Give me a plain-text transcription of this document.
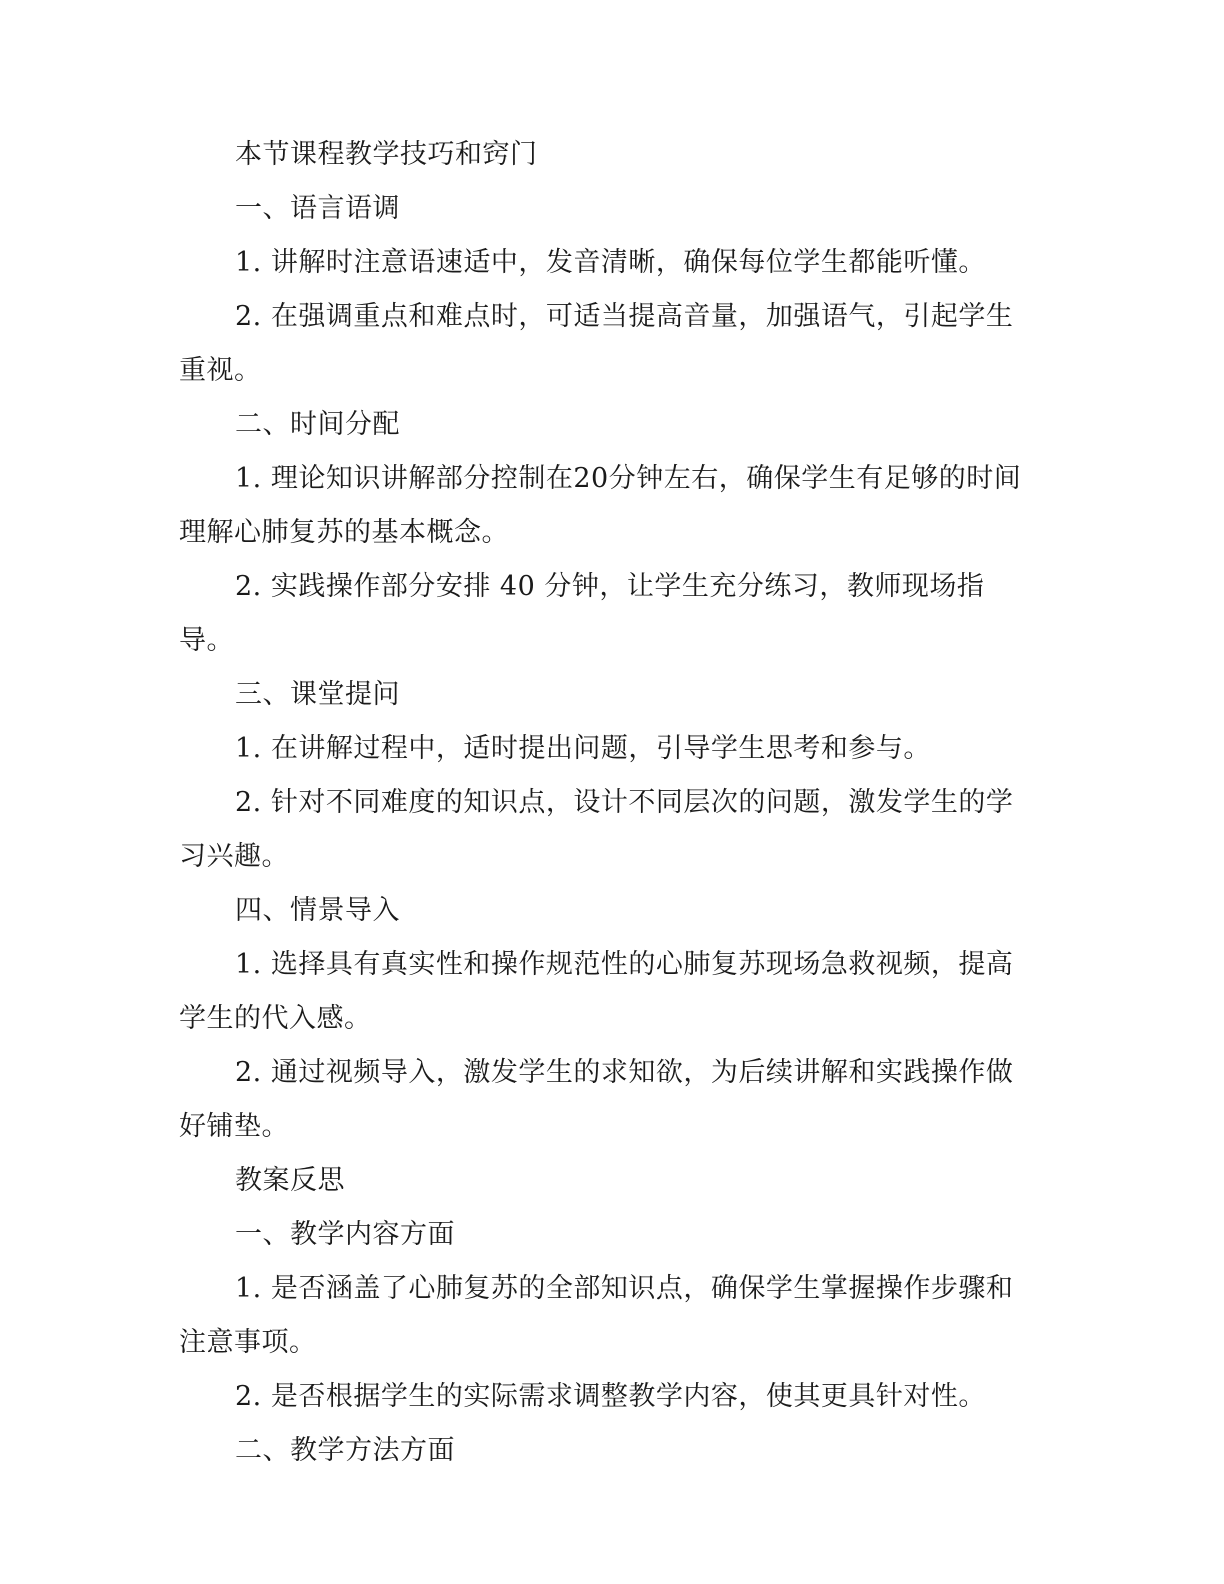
本节课程教学技巧和窍门

一、语言语调

1. 讲解时注意语速适中，发音清晰，确保每位学生都能听懂。

2. 在强调重点和难点时，可适当提高音量，加强语气，引起学生重视。

二、时间分配

1. 理论知识讲解部分控制在20分钟左右，确保学生有足够的时间理解心肺复苏的基本概念。

2. 实践操作部分安排 40 分钟，让学生充分练习，教师现场指导。

三、课堂提问

1. 在讲解过程中，适时提出问题，引导学生思考和参与。

2. 针对不同难度的知识点，设计不同层次的问题，激发学生的学习兴趣。

四、情景导入

1. 选择具有真实性和操作规范性的心肺复苏现场急救视频，提高学生的代入感。

2. 通过视频导入，激发学生的求知欲，为后续讲解和实践操作做好铺垫。

教案反思

一、教学内容方面

1. 是否涵盖了心肺复苏的全部知识点，确保学生掌握操作步骤和注意事项。

2. 是否根据学生的实际需求调整教学内容，使其更具针对性。

二、教学方法方面
